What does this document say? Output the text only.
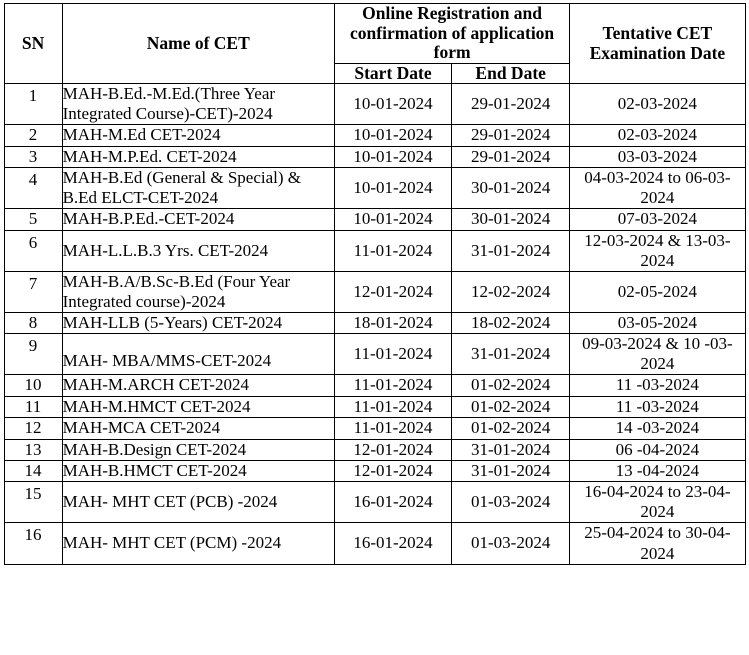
SN	Name of CET	Online Registration and confirmation of application form		Tentative CET Examination Date
		Start Date	End Date	
1	MAH-B.Ed.-M.Ed.(Three Year Integrated Course)-CET)-2024	10-01-2024	29-01-2024	02-03-2024
2	MAH-M.Ed CET-2024	10-01-2024	29-01-2024	02-03-2024
3	MAH-M.P.Ed. CET-2024	10-01-2024	29-01-2024	03-03-2024
4	MAH-B.Ed (General & Special) & B.Ed ELCT-CET-2024	10-01-2024	30-01-2024	04-03-2024 to 06-03-2024
5	MAH-B.P.Ed.-CET-2024	10-01-2024	30-01-2024	07-03-2024
6	MAH-L.L.B.3 Yrs. CET-2024	11-01-2024	31-01-2024	12-03-2024 & 13-03-2024
7	MAH-B.A/B.Sc-B.Ed (Four Year Integrated course)-2024	12-01-2024	12-02-2024	02-05-2024
8	MAH-LLB (5-Years) CET-2024	18-01-2024	18-02-2024	03-05-2024
9	MAH- MBA/MMS-CET-2024	11-01-2024	31-01-2024	09-03-2024 & 10 -03-2024
10	MAH-M.ARCH CET-2024	11-01-2024	01-02-2024	11 -03-2024
11	MAH-M.HMCT CET-2024	11-01-2024	01-02-2024	11 -03-2024
12	MAH-MCA CET-2024	11-01-2024	01-02-2024	14 -03-2024
13	MAH-B.Design CET-2024	12-01-2024	31-01-2024	06 -04-2024
14	MAH-B.HMCT CET-2024	12-01-2024	31-01-2024	13 -04-2024
15	MAH- MHT CET (PCB) -2024	16-01-2024	01-03-2024	16-04-2024 to 23-04-2024
16	MAH- MHT CET (PCM) -2024	16-01-2024	01-03-2024	25-04-2024 to 30-04-2024
